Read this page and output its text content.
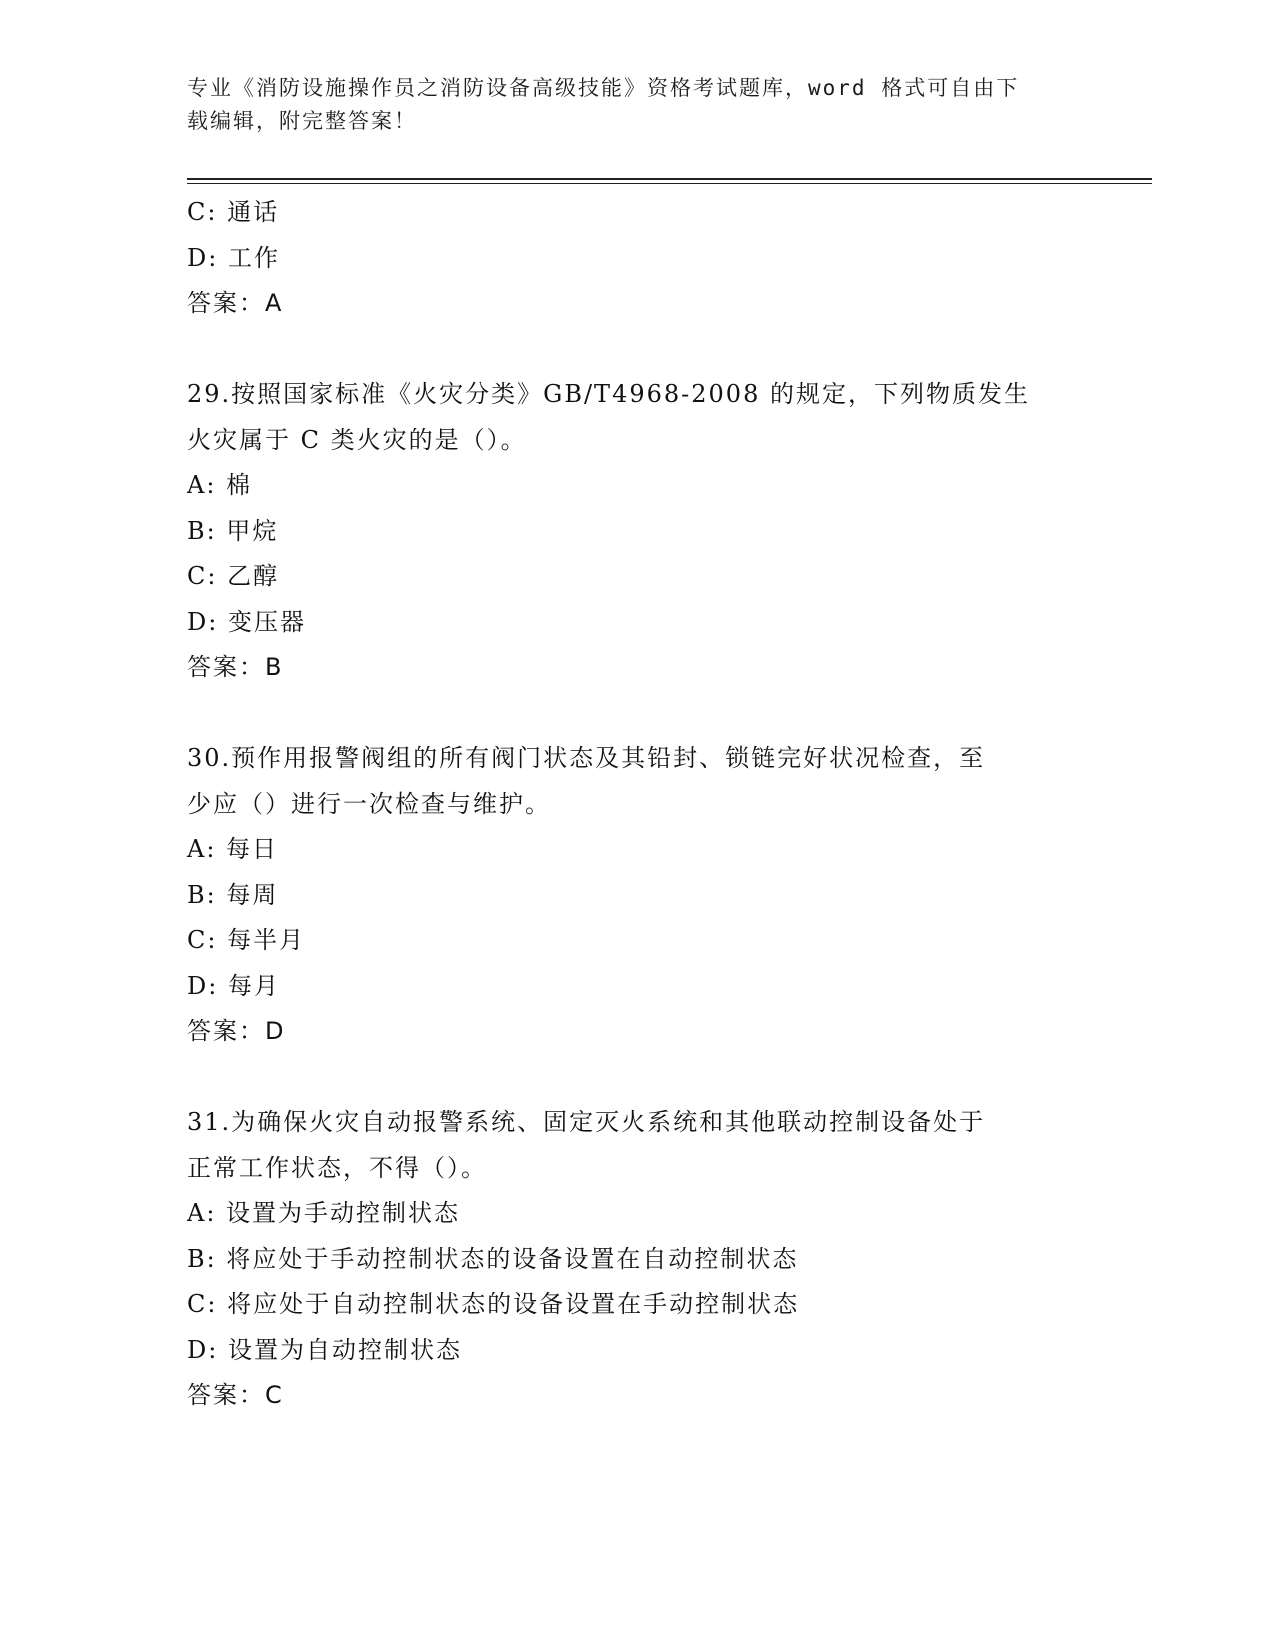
专业《消防设施操作员之消防设备高级技能》资格考试题库，word 格式可自由下
载编辑，附完整答案！
C: 通话
D: 工作
答案：A
29.按照国家标准《火灾分类》GB/T4968-2008 的规定，下列物质发生
火灾属于 C 类火灾的是（）。
A: 棉
B: 甲烷
C: 乙醇
D: 变压器
答案：B
30.预作用报警阀组的所有阀门状态及其铅封、锁链完好状况检查，至
少应（）进行一次检查与维护。
A: 每日
B: 每周
C: 每半月
D: 每月
答案：D
31.为确保火灾自动报警系统、固定灭火系统和其他联动控制设备处于
正常工作状态，不得（）。
A: 设置为手动控制状态
B: 将应处于手动控制状态的设备设置在自动控制状态
C: 将应处于自动控制状态的设备设置在手动控制状态
D: 设置为自动控制状态
答案：C
